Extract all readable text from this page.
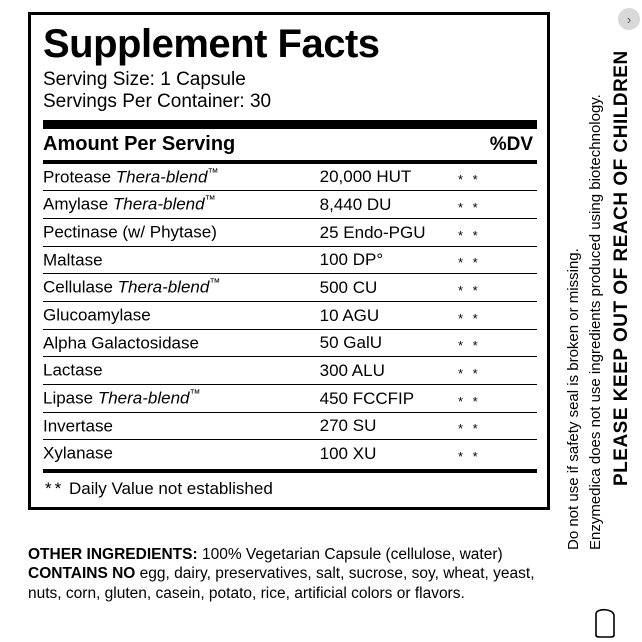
Supplement Facts
Serving Size: 1 Capsule
Servings Per Container: 30
Amount Per Serving	%DV
Protease Thera-blend™	20,000 HUT	* *
Amylase Thera-blend™	8,440 DU	* *
Pectinase (w/ Phytase)	25 Endo-PGU	* *
Maltase	100 DP°	* *
Cellulase Thera-blend™	500 CU	* *
Glucoamylase	10 AGU	* *
Alpha Galactosidase	50 GalU	* *
Lactase	300 ALU	* *
Lipase Thera-blend™	450 FCCFIP	* *
Invertase	270 SU	* *
Xylanase	100 XU	* *
** Daily Value not established
OTHER INGREDIENTS: 100% Vegetarian Capsule (cellulose, water)
CONTAINS NO egg, dairy, preservatives, salt, sucrose, soy, wheat, yeast,
nuts, corn, gluten, casein, potato, rice, artificial colors or flavors.
Do not use if safety seal is broken or missing. Enzymedica does not use ingredients produced using biotechnology. PLEASE KEEP OUT OF REACH OF CHILDREN
›
